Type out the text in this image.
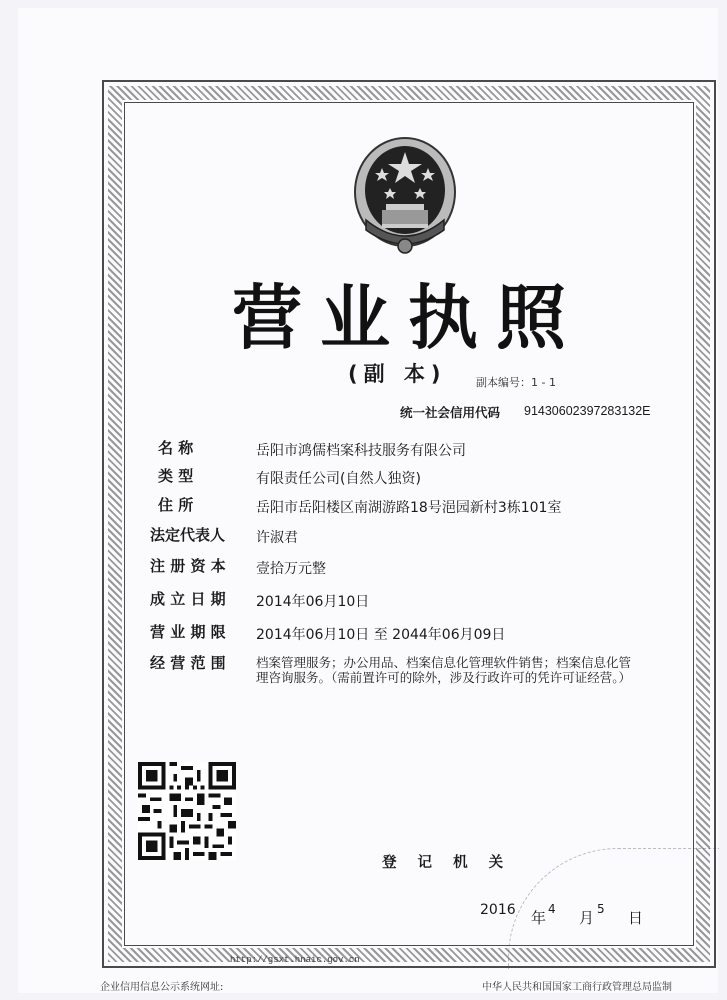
营业执照
(副 本)	副本编号：1 - 1
统一社会信用代码 91430602397283132E
名 称	岳阳市鸿儒档案科技服务有限公司
类 型	有限责任公司(自然人独资)
住 所	岳阳市岳阳楼区南湖游路18号浥园新村3栋101室
法定代表人 许淑君
注 册 资 本 壹拾万元整
成 立 日 期 2014年06月10日
营 业 期 限 2014年06月10日 至 2044年06月09日
经 营 范 围 档案管理服务；办公用品、档案信息化管理软件销售；档案信息化管理咨询服务。（需前置许可的除外，涉及行政许可的凭许可证经营。）
登 记 机 关
2016 年 4 月 5 日
http://gsxt.hnaic.gov.cn
企业信用信息公示系统网址:	中华人民共和国国家工商行政管理总局监制
